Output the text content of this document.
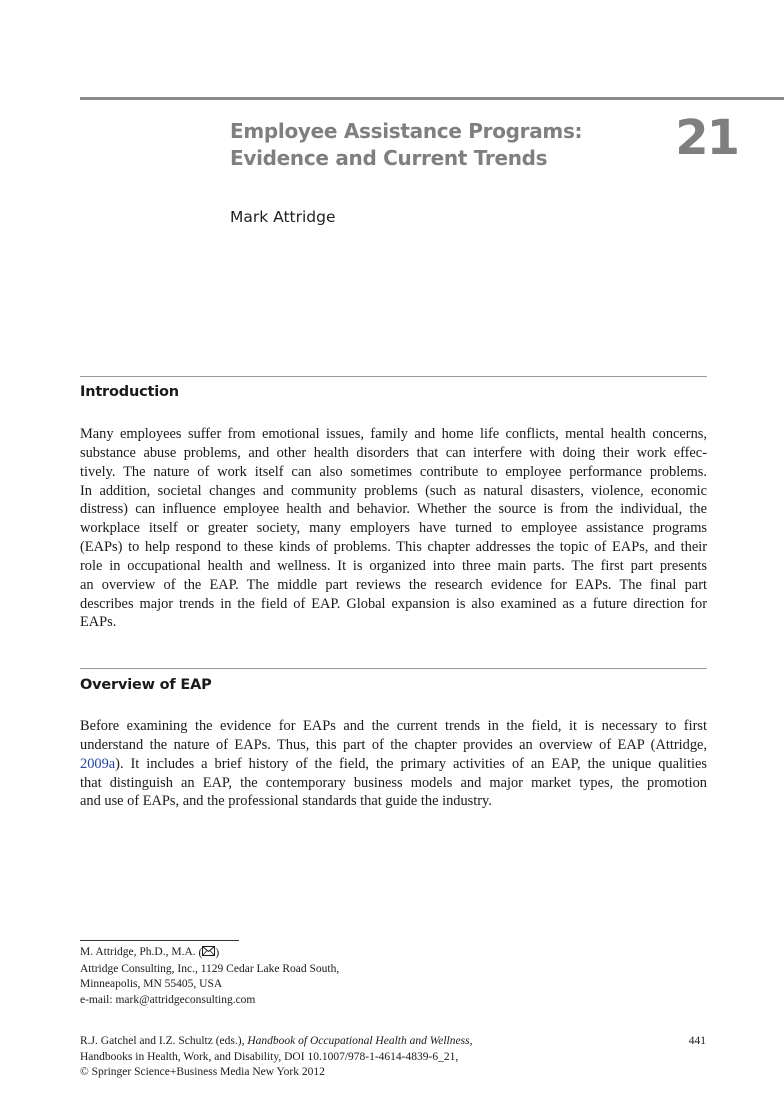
Employee Assistance Programs:
Evidence and Current Trends	21
Mark Attridge
Introduction
Many employees suffer from emotional issues, family and home life conflicts, mental health concerns,
substance abuse problems, and other health disorders that can interfere with doing their work effec-
tively. The nature of work itself can also sometimes contribute to employee performance problems.
In addition, societal changes and community problems (such as natural disasters, violence, economic
distress) can influence employee health and behavior. Whether the source is from the individual, the
workplace itself or greater society, many employers have turned to employee assistance programs
(EAPs) to help respond to these kinds of problems. This chapter addresses the topic of EAPs, and their
role in occupational health and wellness. It is organized into three main parts. The first part presents
an overview of the EAP. The middle part reviews the research evidence for EAPs. The final part
describes major trends in the field of EAP. Global expansion is also examined as a future direction for
EAPs.
Overview of EAP
Before examining the evidence for EAPs and the current trends in the field, it is necessary to first
understand the nature of EAPs. Thus, this part of the chapter provides an overview of EAP (Attridge,
2009a). It includes a brief history of the field, the primary activities of an EAP, the unique qualities
that distinguish an EAP, the contemporary business models and major market types, the promotion
and use of EAPs, and the professional standards that guide the industry.
M. Attridge, Ph.D., M.A. ( )
Attridge Consulting, Inc., 1129 Cedar Lake Road South,
Minneapolis, MN 55405, USA
e-mail: mark@attridgeconsulting.com
R.J. Gatchel and I.Z. Schultz (eds.), Handbook of Occupational Health and Wellness,
Handbooks in Health, Work, and Disability, DOI 10.1007/978-1-4614-4839-6_21,
© Springer Science+Business Media New York 2012
441
